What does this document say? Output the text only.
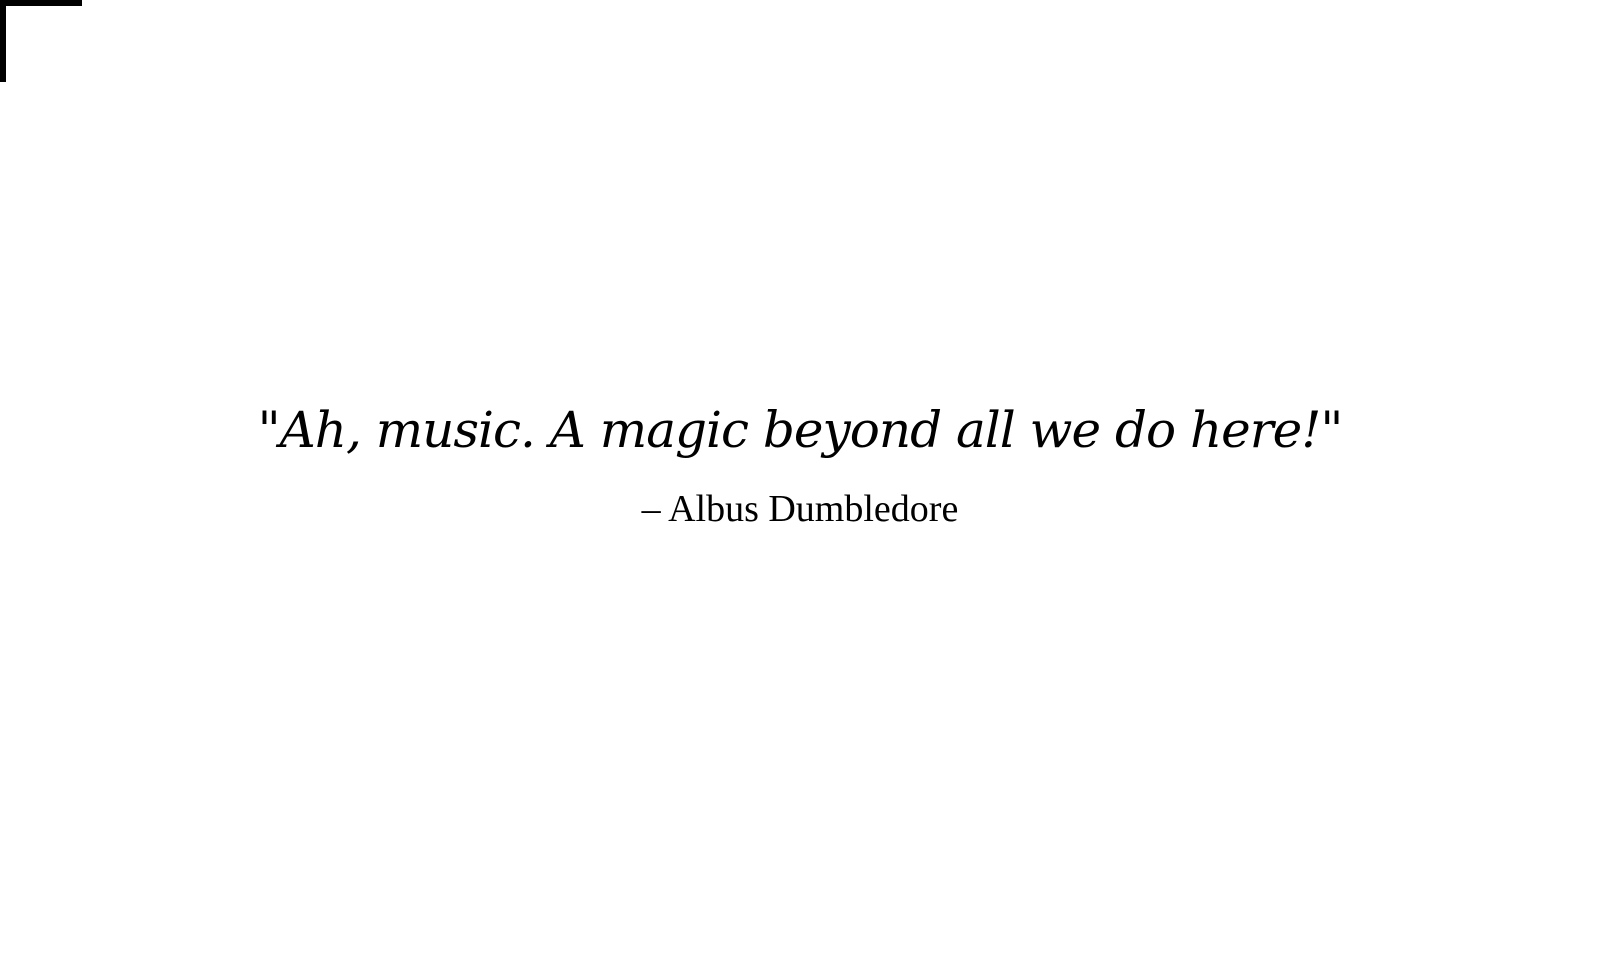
"Ah, music. A magic beyond all we do here!"

– Albus Dumbledore
